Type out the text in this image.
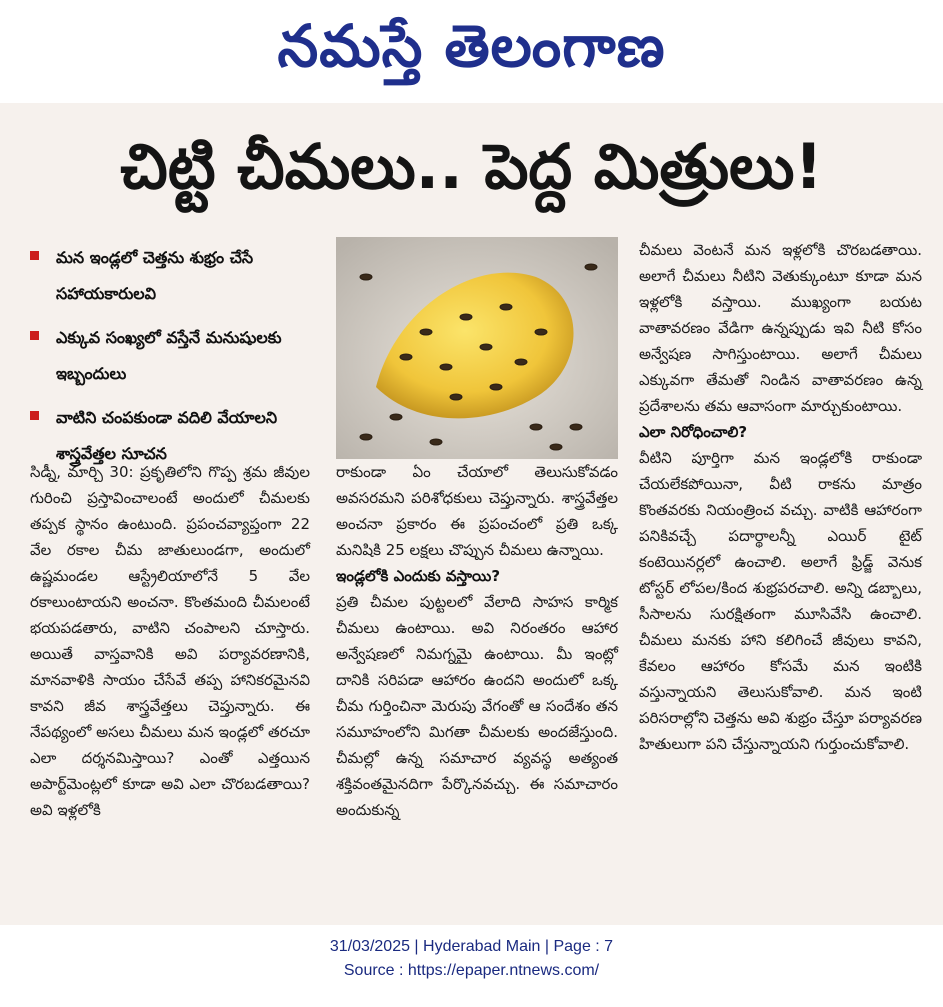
నమస్తే తెలంగాణ
చిట్టి చీమలు.. పెద్ద మిత్రులు!
మన ఇండ్లలో చెత్తను శుభ్రం చేసే సహాయకారులవి
ఎక్కువ సంఖ్యలో వస్తేనే మనుషులకు ఇబ్బందులు
వాటిని చంపకుండా వదిలి వేయాలని శాస్త్రవేత్తల సూచన

సిడ్నీ, మార్చి 30: ప్రకృతిలోని గొప్ప శ్రమ జీవుల గురించి ప్రస్తావించాలంటే అందులో చీమలకు తప్పక స్థానం ఉంటుంది. ప్రపంచవ్యాప్తంగా 22 వేల రకాల చీమ జాతులుండగా, అందులో ఉష్ణమండల ఆస్ట్రేలియాలోనే 5 వేల రకాలుంటాయని అంచనా. కొంతమంది చీమలంటే భయపడతారు, వాటిని చంపాలని చూస్తారు. అయితే వాస్తవానికి అవి పర్యావరణానికి, మానవాళికి సాయం చేసేవే తప్ప హానికరమైనవి కావని జీవ శాస్త్రవేత్తలు చెప్తున్నారు. ఈ నేపథ్యంలో అసలు చీమలు మన ఇండ్లలో తరచూ ఎలా దర్శనమిస్తాయి? ఎంతో ఎత్తయిన అపార్ట్‌మెంట్లలో కూడా అవి ఎలా చొరబడతాయి? అవి ఇళ్లలోకి

రాకుండా ఏం చేయాలో తెలుసుకోవడం అవసరమని పరిశోధకులు చెప్తున్నారు. శాస్త్రవేత్తల అంచనా ప్రకారం ఈ ప్రపంచంలో ప్రతి ఒక్క మనిషికి 25 లక్షలు చొప్పున చీమలు ఉన్నాయి.

ఇండ్లలోకి ఎందుకు వస్తాయి?

ప్రతి చీమల పుట్టలలో వేలాది సాహస కార్మిక చీమలు ఉంటాయి. అవి నిరంతరం ఆహార అన్వేషణలో నిమగ్నమై ఉంటాయి. మీ ఇంట్లో దానికి సరిపడా ఆహారం ఉందని అందులో ఒక్క చీమ గుర్తించినా మెరుపు వేగంతో ఆ సందేశం తన సమూహంలోని మిగతా చీమలకు అందజేస్తుంది. చీమల్లో ఉన్న సమాచార వ్యవస్థ అత్యంత శక్తివంతమైనదిగా పేర్కొనవచ్చు. ఈ సమాచారం అందుకున్న

చీమలు వెంటనే మన ఇళ్లలోకి చొరబడతాయి. అలాగే చీమలు నీటిని వెతుక్కుంటూ కూడా మన ఇళ్లలోకి వస్తాయి. ముఖ్యంగా బయట వాతావరణం వేడిగా ఉన్నప్పుడు ఇవి నీటి కోసం అన్వేషణ సాగిస్తుంటాయి. అలాగే చీమలు ఎక్కువగా తేమతో నిండిన వాతావరణం ఉన్న ప్రదేశాలను తమ ఆవాసంగా మార్చుకుంటాయి.

ఎలా నిరోధించాలి?

వీటిని పూర్తిగా మన ఇండ్లలోకి రాకుండా చేయలేకపోయినా, వీటి రాకను మాత్రం కొంతవరకు నియంత్రించ వచ్చు. వాటికి ఆహారంగా పనికివచ్చే పదార్థాలన్నీ ఎయిర్ టైట్ కంటెయినర్లలో ఉంచాలి. అలాగే ఫ్రిడ్జ్ వెనుక టోస్టర్ లోపల/కింద శుభ్రపరచాలి. అన్ని డబ్బాలు, సీసాలను సురక్షితంగా మూసివేసి ఉంచాలి. చీమలు మనకు హాని కలిగించే జీవులు కావని, కేవలం ఆహారం కోసమే మన ఇంటికి వస్తున్నాయని తెలుసుకోవాలి. మన ఇంటి పరిసరాల్లోని చెత్తను అవి శుభ్రం చేస్తూ పర్యావరణ హితులుగా పని చేస్తున్నాయని గుర్తుంచుకోవాలి.

31/03/2025 | Hyderabad Main | Page : 7
Source : https://epaper.ntnews.com/
